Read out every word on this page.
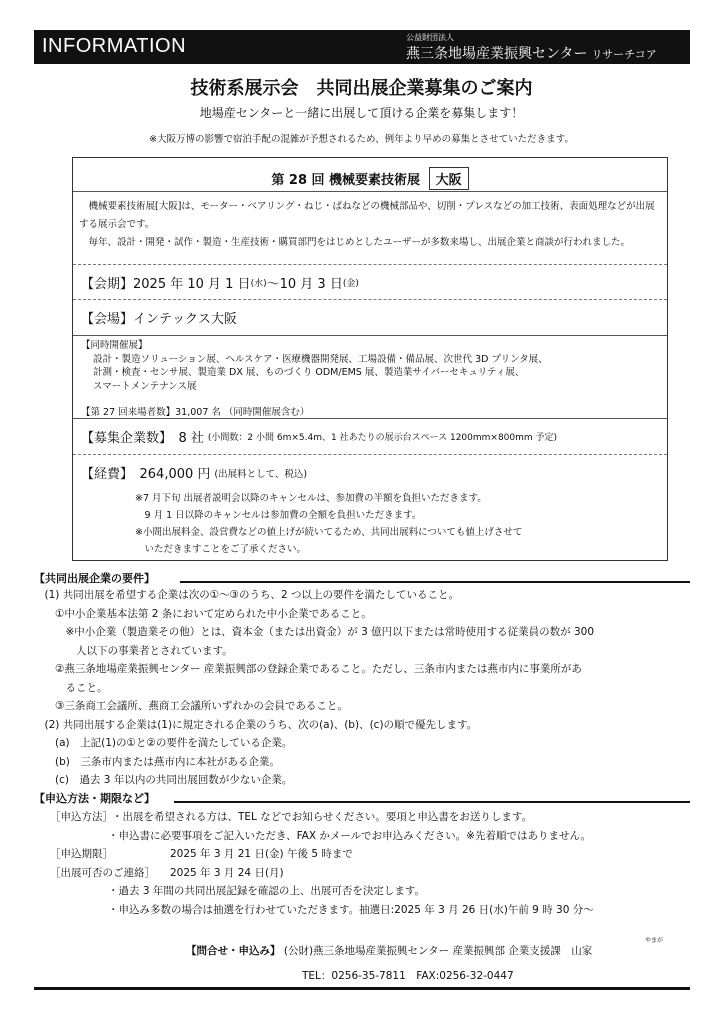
INFORMATION	公益財団法人
燕三条地場産業振興センター リサーチコア
技術系展示会　共同出展企業募集のご案内
地場産センターと一緒に出展して頂ける企業を募集します！
※大阪万博の影響で宿泊手配の混雑が予想されるため、例年より早めの募集とさせていただきます。
第 28 回 機械要素技術展 大阪

機械要素技術展[大阪]は、モーター・ベアリング・ねじ・ばねなどの機械部品や、切削・プレスなどの加工技術、表面処理などが出展する展示会です。

毎年、設計・開発・試作・製造・生産技術・購買部門をはじめとしたユーザーが多数来場し、出展企業と商談が行われました。

【会期】 2025 年 10 月 1 日 (水) ～ 10 月 3 日 (金)
【会場】インテックス大阪
【同時開催展】
設計・製造ソリューション展、ヘルスケア・医療機器開発展、工場設備・備品展、次世代 3D プリンタ展、
計測・検査・センサ展、製造業 DX 展、ものづくり ODM/EMS 展、製造業サイバーセキュリティ展、
スマートメンテナンス展
【第 27 回来場者数】31,007 名 （同時開催展含む）
【募集企業数】　8 社 (小間数：2 小間 6m×5.4m、1 社あたりの展示台スペース 1200mm×800mm 予定)
【経費】　264,000 円 (出展料として、税込)
※7 月下旬 出展者説明会以降のキャンセルは、参加費の半額を負担いただきます。
　9 月 1 日以降のキャンセルは参加費の全額を負担いただきます。
※小間出展料金、設営費などの値上げが続いてるため、共同出展料についても値上げさせて
　いただきますことをご了承ください。
【共同出展企業の要件】
　(1) 共同出展を希望する企業は次の①～③のうち、2 つ以上の要件を満たしていること。
　　①中小企業基本法第 2 条において定められた中小企業であること。
　　　※中小企業（製造業その他）とは、資本金（または出資金）が 3 億円以下または常時使用する従業員の数が 300
　　　　人以下の事業者とされています。
　　②燕三条地場産業振興センター 産業振興部の登録企業であること。ただし、三条市内または燕市内に事業所があ
　　　ること。
　　③三条商工会議所、燕商工会議所いずれかの会員であること。
　(2) 共同出展する企業は(1)に規定される企業のうち、次の(a)、(b)、(c)の順で優先します。
　　(a)　上記(1)の①と②の要件を満たしている企業。
　　(b)　三条市内または燕市内に本社がある企業。
　　(c)　過去 3 年以内の共同出展回数が少ない企業。
【申込方法・期限など】
［申込方法］ ・出展を希望される方は、TEL などでお知らせください。要項と申込書をお送りします。
・申込書に必要事項をご記入いただき、FAX かメールでお申込みください。※先着順ではありません。
［申込期限］	2025 年 3 月 21 日(金) 午後 5 時まで
［出展可否のご連絡］	2025 年 3 月 24 日(月)
・過去 3 年間の共同出展記録を確認の上、出展可否を決定します。
・申込み多数の場合は抽選を行わせていただきます。抽選日:2025 年 3 月 26 日(水)午前 9 時 30 分～
やまが
【問合せ・申込み】 (公財)燕三条地場産業振興センター 産業振興部 企業支援課　山家
TEL：0256-35-7811　FAX:0256-32-0447
